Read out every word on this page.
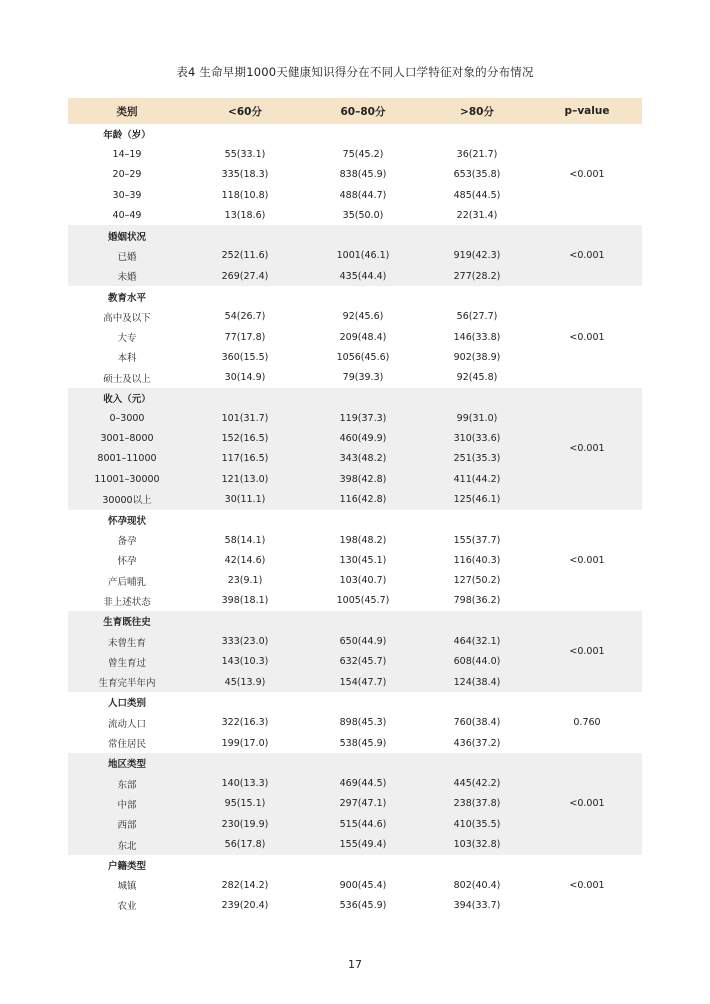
表4 生命早期1000天健康知识得分在不同人口学特征对象的分布情况
类别	<60分	60–80分	>80分	p–value
年龄（岁）
14–19	55(33.1)	75(45.2)	36(21.7)
20–29	335(18.3)	838(45.9)	653(35.8)
30–39	118(10.8)	488(44.7)	485(44.5)
40–49	13(18.6)	35(50.0)	22(31.4)
<0.001
婚姻状况
已婚	252(11.6)	1001(46.1)	919(42.3)
未婚	269(27.4)	435(44.4)	277(28.2)
<0.001
教育水平
高中及以下	54(26.7)	92(45.6)	56(27.7)
大专	77(17.8)	209(48.4)	146(33.8)
本科	360(15.5)	1056(45.6)	902(38.9)
硕士及以上	30(14.9)	79(39.3)	92(45.8)
<0.001
收入（元）
0–3000	101(31.7)	119(37.3)	99(31.0)
3001–8000	152(16.5)	460(49.9)	310(33.6)
8001–11000	117(16.5)	343(48.2)	251(35.3)
11001–30000	121(13.0)	398(42.8)	411(44.2)
30000以上	30(11.1)	116(42.8)	125(46.1)
<0.001
怀孕现状
备孕	58(14.1)	198(48.2)	155(37.7)
怀孕	42(14.6)	130(45.1)	116(40.3)
产后哺乳	23(9.1)	103(40.7)	127(50.2)
非上述状态	398(18.1)	1005(45.7)	798(36.2)
<0.001
生育既往史
未曾生育	333(23.0)	650(44.9)	464(32.1)
曾生育过	143(10.3)	632(45.7)	608(44.0)
生育完半年内	45(13.9)	154(47.7)	124(38.4)
<0.001
人口类别
流动人口	322(16.3)	898(45.3)	760(38.4)
常住居民	199(17.0)	538(45.9)	436(37.2)
0.760
地区类型
东部	140(13.3)	469(44.5)	445(42.2)
中部	95(15.1)	297(47.1)	238(37.8)
西部	230(19.9)	515(44.6)	410(35.5)
东北	56(17.8)	155(49.4)	103(32.8)
<0.001
户籍类型
城镇	282(14.2)	900(45.4)	802(40.4)
农业	239(20.4)	536(45.9)	394(33.7)
<0.001
17
